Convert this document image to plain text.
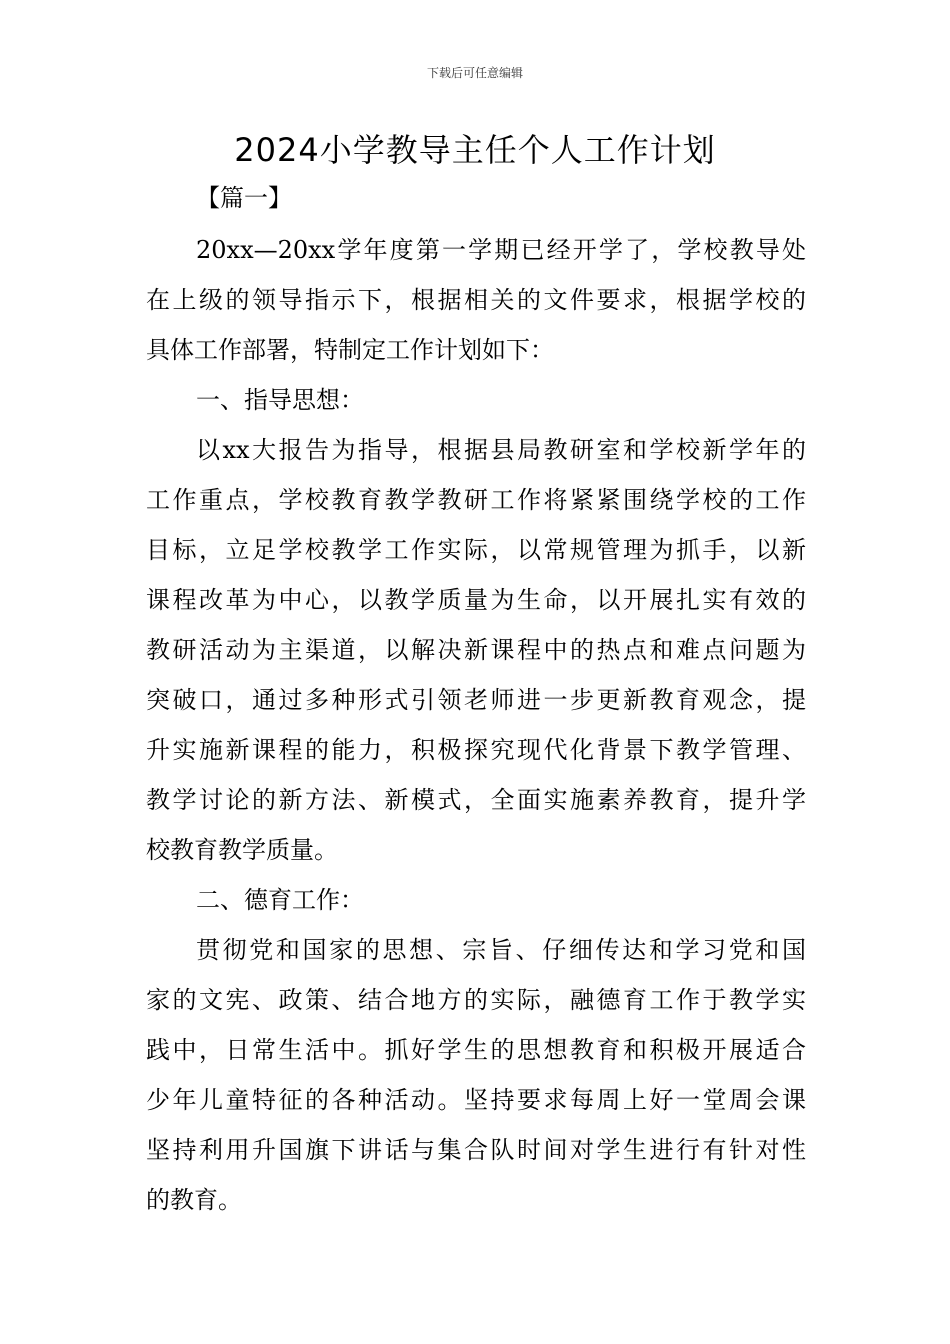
下载后可任意编辑
2024小学教导主任个人工作计划
【篇一】
20xx—20xx学年度第一学期已经开学了，学校教导处
在上级的领导指示下，根据相关的文件要求，根据学校的
具体工作部署，特制定工作计划如下：
一、指导思想：
以xx大报告为指导，根据县局教研室和学校新学年的
工作重点，学校教育教学教研工作将紧紧围绕学校的工作
目标，立足学校教学工作实际，以常规管理为抓手，以新
课程改革为中心，以教学质量为生命，以开展扎实有效的
教研活动为主渠道，以解决新课程中的热点和难点问题为
突破口，通过多种形式引领老师进一步更新教育观念，提
升实施新课程的能力，积极探究现代化背景下教学管理、
教学讨论的新方法、新模式，全面实施素养教育，提升学
校教育教学质量。
二、德育工作：
贯彻党和国家的思想、宗旨、仔细传达和学习党和国
家的文宪、政策、结合地方的实际，融德育工作于教学实
践中，日常生活中。抓好学生的思想教育和积极开展适合
少年儿童特征的各种活动。坚持要求每周上好一堂周会课
坚持利用升国旗下讲话与集合队时间对学生进行有针对性
的教育。
